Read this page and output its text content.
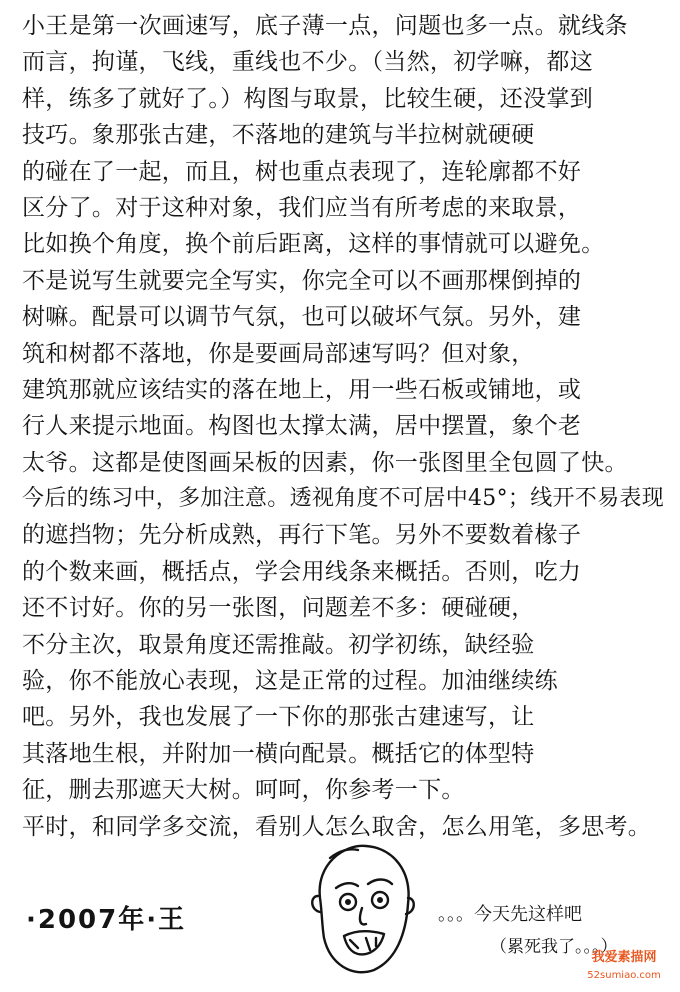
小王是第一次画速写，底子薄一点，问题也多一点。就线条
而言，拘谨，飞线，重线也不少。（当然，初学嘛，都这
样，练多了就好了。）构图与取景，比较生硬，还没掌到
技巧。象那张古建，不落地的建筑与半拉树就硬硬
的碰在了一起，而且，树也重点表现了，连轮廓都不好
区分了。对于这种对象，我们应当有所考虑的来取景，
比如换个角度，换个前后距离，这样的事情就可以避免。
不是说写生就要完全写实，你完全可以不画那棵倒掉的
树嘛。配景可以调节气氛，也可以破坏气氛。另外，建
筑和树都不落地，你是要画局部速写吗？但对象，
建筑那就应该结实的落在地上，用一些石板或铺地，或
行人来提示地面。构图也太撑太满，居中摆置，象个老
太爷。这都是使图画呆板的因素，你一张图里全包圆了快。
今后的练习中，多加注意。透视角度不可居中45°；线开不易表现
的遮挡物；先分析成熟，再行下笔。另外不要数着椽子
的个数来画，概括点，学会用线条来概括。否则，吃力
还不讨好。你的另一张图，问题差不多：硬碰硬，
不分主次，取景角度还需推敲。初学初练，缺经验
验，你不能放心表现，这是正常的过程。加油继续练
吧。另外，我也发展了一下你的那张古建速写，让
其落地生根，并附加一横向配景。概括它的体型特
征，删去那遮天大树。呵呵，你参考一下。
平时，和同学多交流，看别人怎么取舍，怎么用笔，多思考。
·2007年·王	。。。今天先这样吧
（累死我了。。。）
我爱素描网
52sumiao.com
